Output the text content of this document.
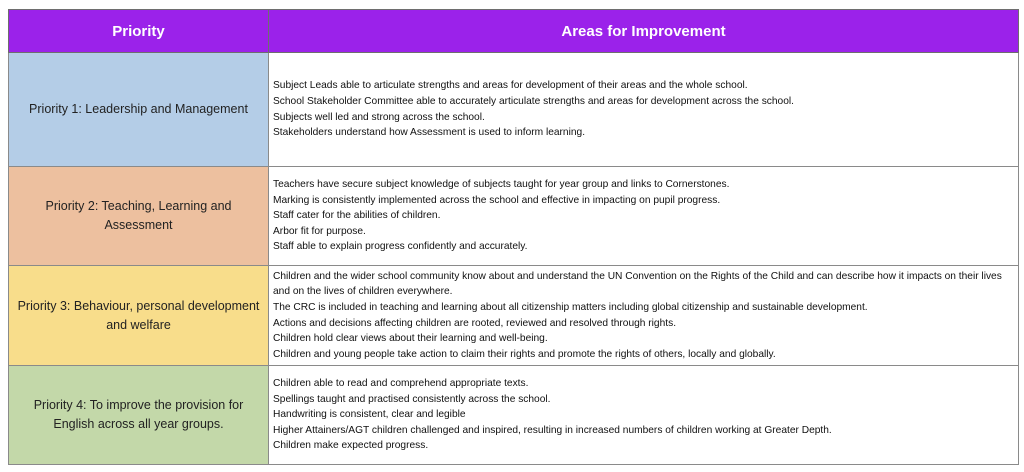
Priority	Areas for Improvement
Priority 1: Leadership and Management	Subject Leads able to articulate strengths and areas for development of their areas and the whole school.
School Stakeholder Committee able to accurately articulate strengths and areas for development across the school.
Subjects well led and strong across the school.
Stakeholders understand how Assessment is used to inform learning.

Priority 2: Teaching, Learning and Assessment	Teachers have secure subject knowledge of subjects taught for year group and links to Cornerstones.
Marking is consistently implemented across the school and effective in impacting on pupil progress.
Staff cater for the abilities of children.
Arbor fit for purpose.
Staff able to explain progress confidently and accurately.

Priority 3: Behaviour, personal development and welfare	Children and the wider school community know about and understand the UN Convention on the Rights of the Child and can describe how it impacts on their lives and on the lives of children everywhere.
The CRC is included in teaching and learning about all citizenship matters including global citizenship and sustainable development.
Actions and decisions affecting children are rooted, reviewed and resolved through rights.
Children hold clear views about their learning and well-being.
Children and young people take action to claim their rights and promote the rights of others, locally and globally.

Priority 4: To improve the provision for English across all year groups.	Children able to read and comprehend appropriate texts.
Spellings taught and practised consistently across the school.
Handwriting is consistent, clear and legible
Higher Attainers/AGT children challenged and inspired, resulting in increased numbers of children working at Greater Depth.
Children make expected progress.
